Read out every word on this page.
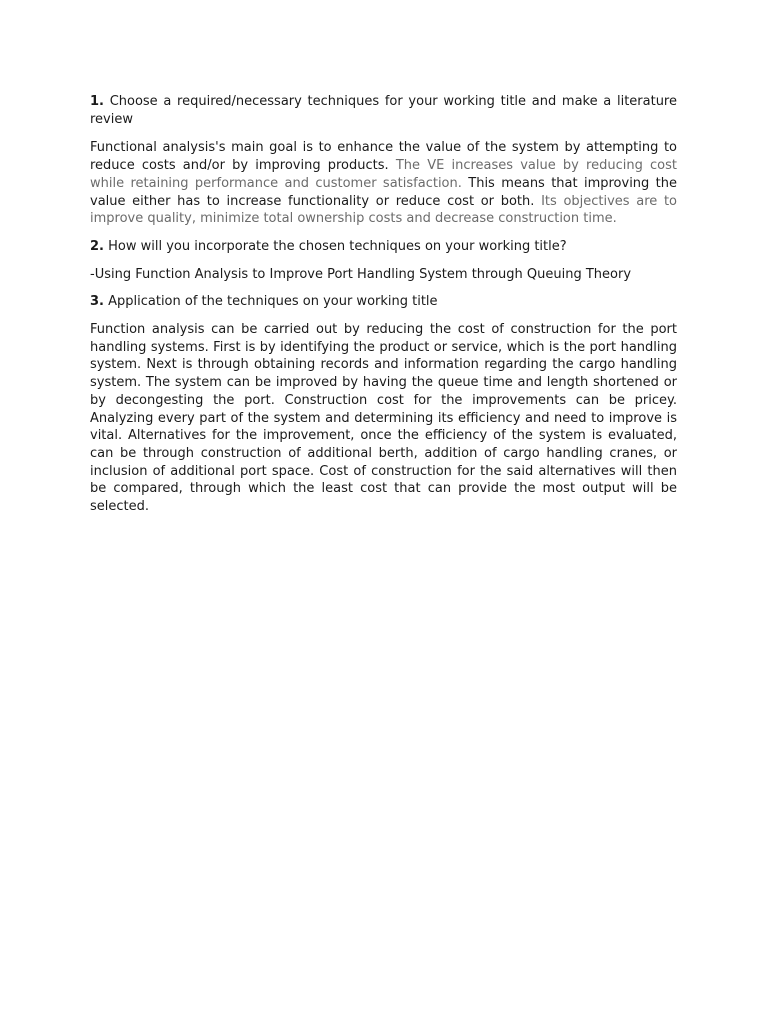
1. Choose a required/necessary techniques for your working title and make a literature review

Functional analysis's main goal is to enhance the value of the system by attempting to reduce costs and/or by improving products. The VE increases value by reducing cost while retaining performance and customer satisfaction. This means that improving the value either has to increase functionality or reduce cost or both. Its objectives are to improve quality, minimize total ownership costs and decrease construction time.

2. How will you incorporate the chosen techniques on your working title?

-Using Function Analysis to Improve Port Handling System through Queuing Theory

3. Application of the techniques on your working title

Function analysis can be carried out by reducing the cost of construction for the port handling systems. First is by identifying the product or service, which is the port handling system. Next is through obtaining records and information regarding the cargo handling system. The system can be improved by having the queue time and length shortened or by decongesting the port. Construction cost for the improvements can be pricey. Analyzing every part of the system and determining its efficiency and need to improve is vital. Alternatives for the improvement, once the efficiency of the system is evaluated, can be through construction of additional berth, addition of cargo handling cranes, or inclusion of additional port space. Cost of construction for the said alternatives will then be compared, through which the least cost that can provide the most output will be selected.
